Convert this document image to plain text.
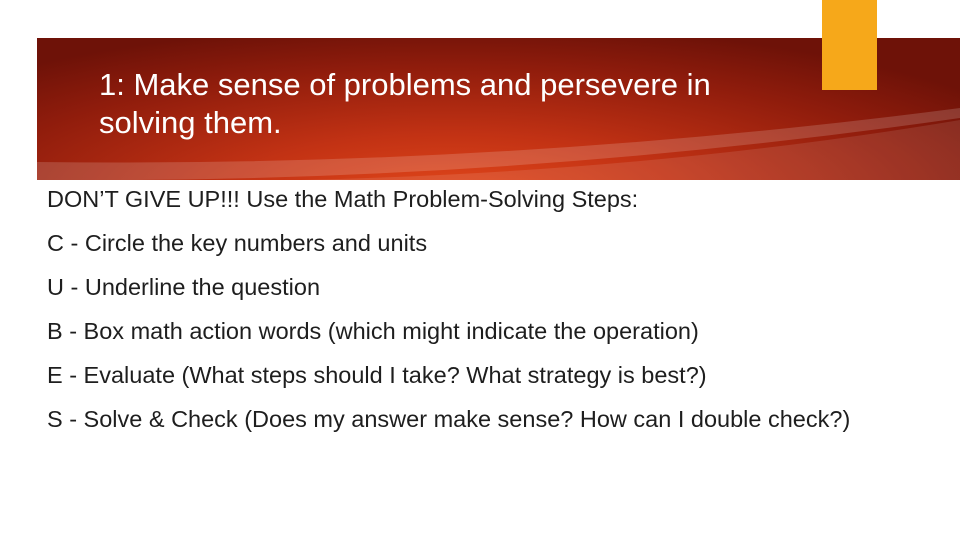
1: Make sense of problems and persevere in solving them.
DON’T GIVE UP!!! Use the Math Problem-Solving Steps:
C - Circle the key numbers and units
U - Underline the question
B - Box math action words (which might indicate the operation)
E - Evaluate (What steps should I take? What strategy is best?)
S - Solve & Check (Does my answer make sense? How can I double check?)
